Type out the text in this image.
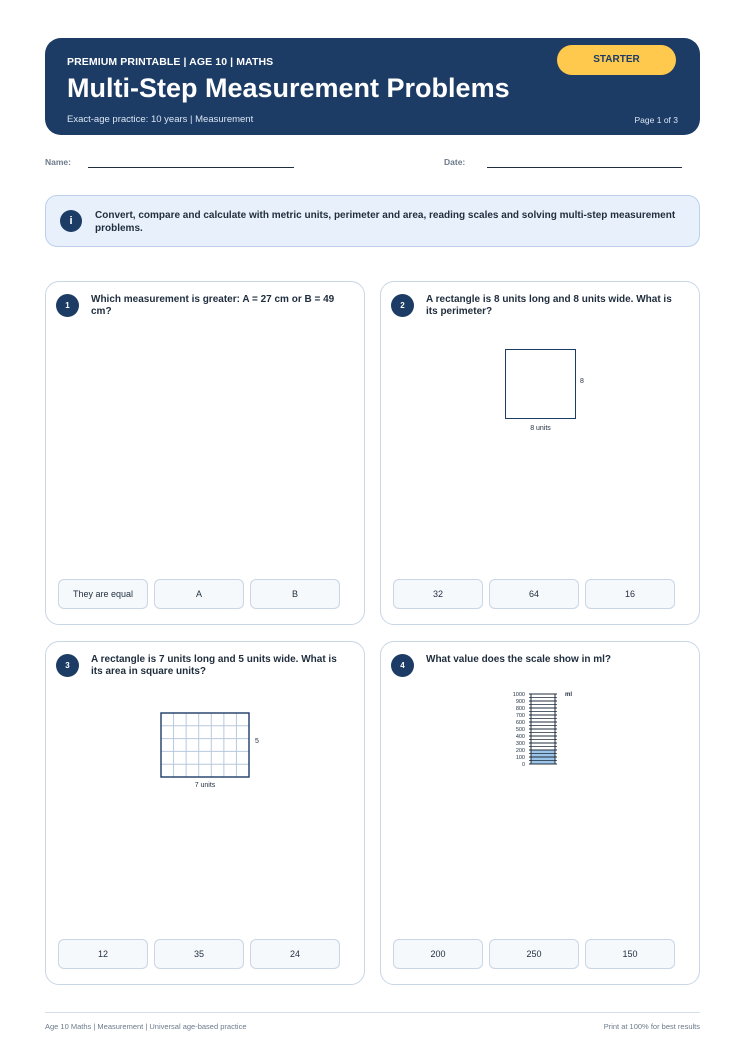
PREMIUM PRINTABLE | AGE 10 | MATHS
Multi-Step Measurement Problems
Exact-age practice: 10 years | Measurement	Page 1 of 3
STARTER
Name:	Date:
i	Convert, compare and calculate with metric units, perimeter and area, reading scales and solving multi-step measurement problems.
1
Which measurement is greater: A = 27 cm or B = 49 cm?
They are equal	A	B
2
A rectangle is 8 units long and 8 units wide. What is its perimeter?
8
8 units
32	64	16
3
A rectangle is 7 units long and 5 units wide. What is its area in square units?
5
7 units
12	35	24
4
What value does the scale show in ml?
1000
900
800
700
600
500
400
300
200
100
0
ml
200	250	150
Age 10 Maths | Measurement | Universal age-based practice	Print at 100% for best results
